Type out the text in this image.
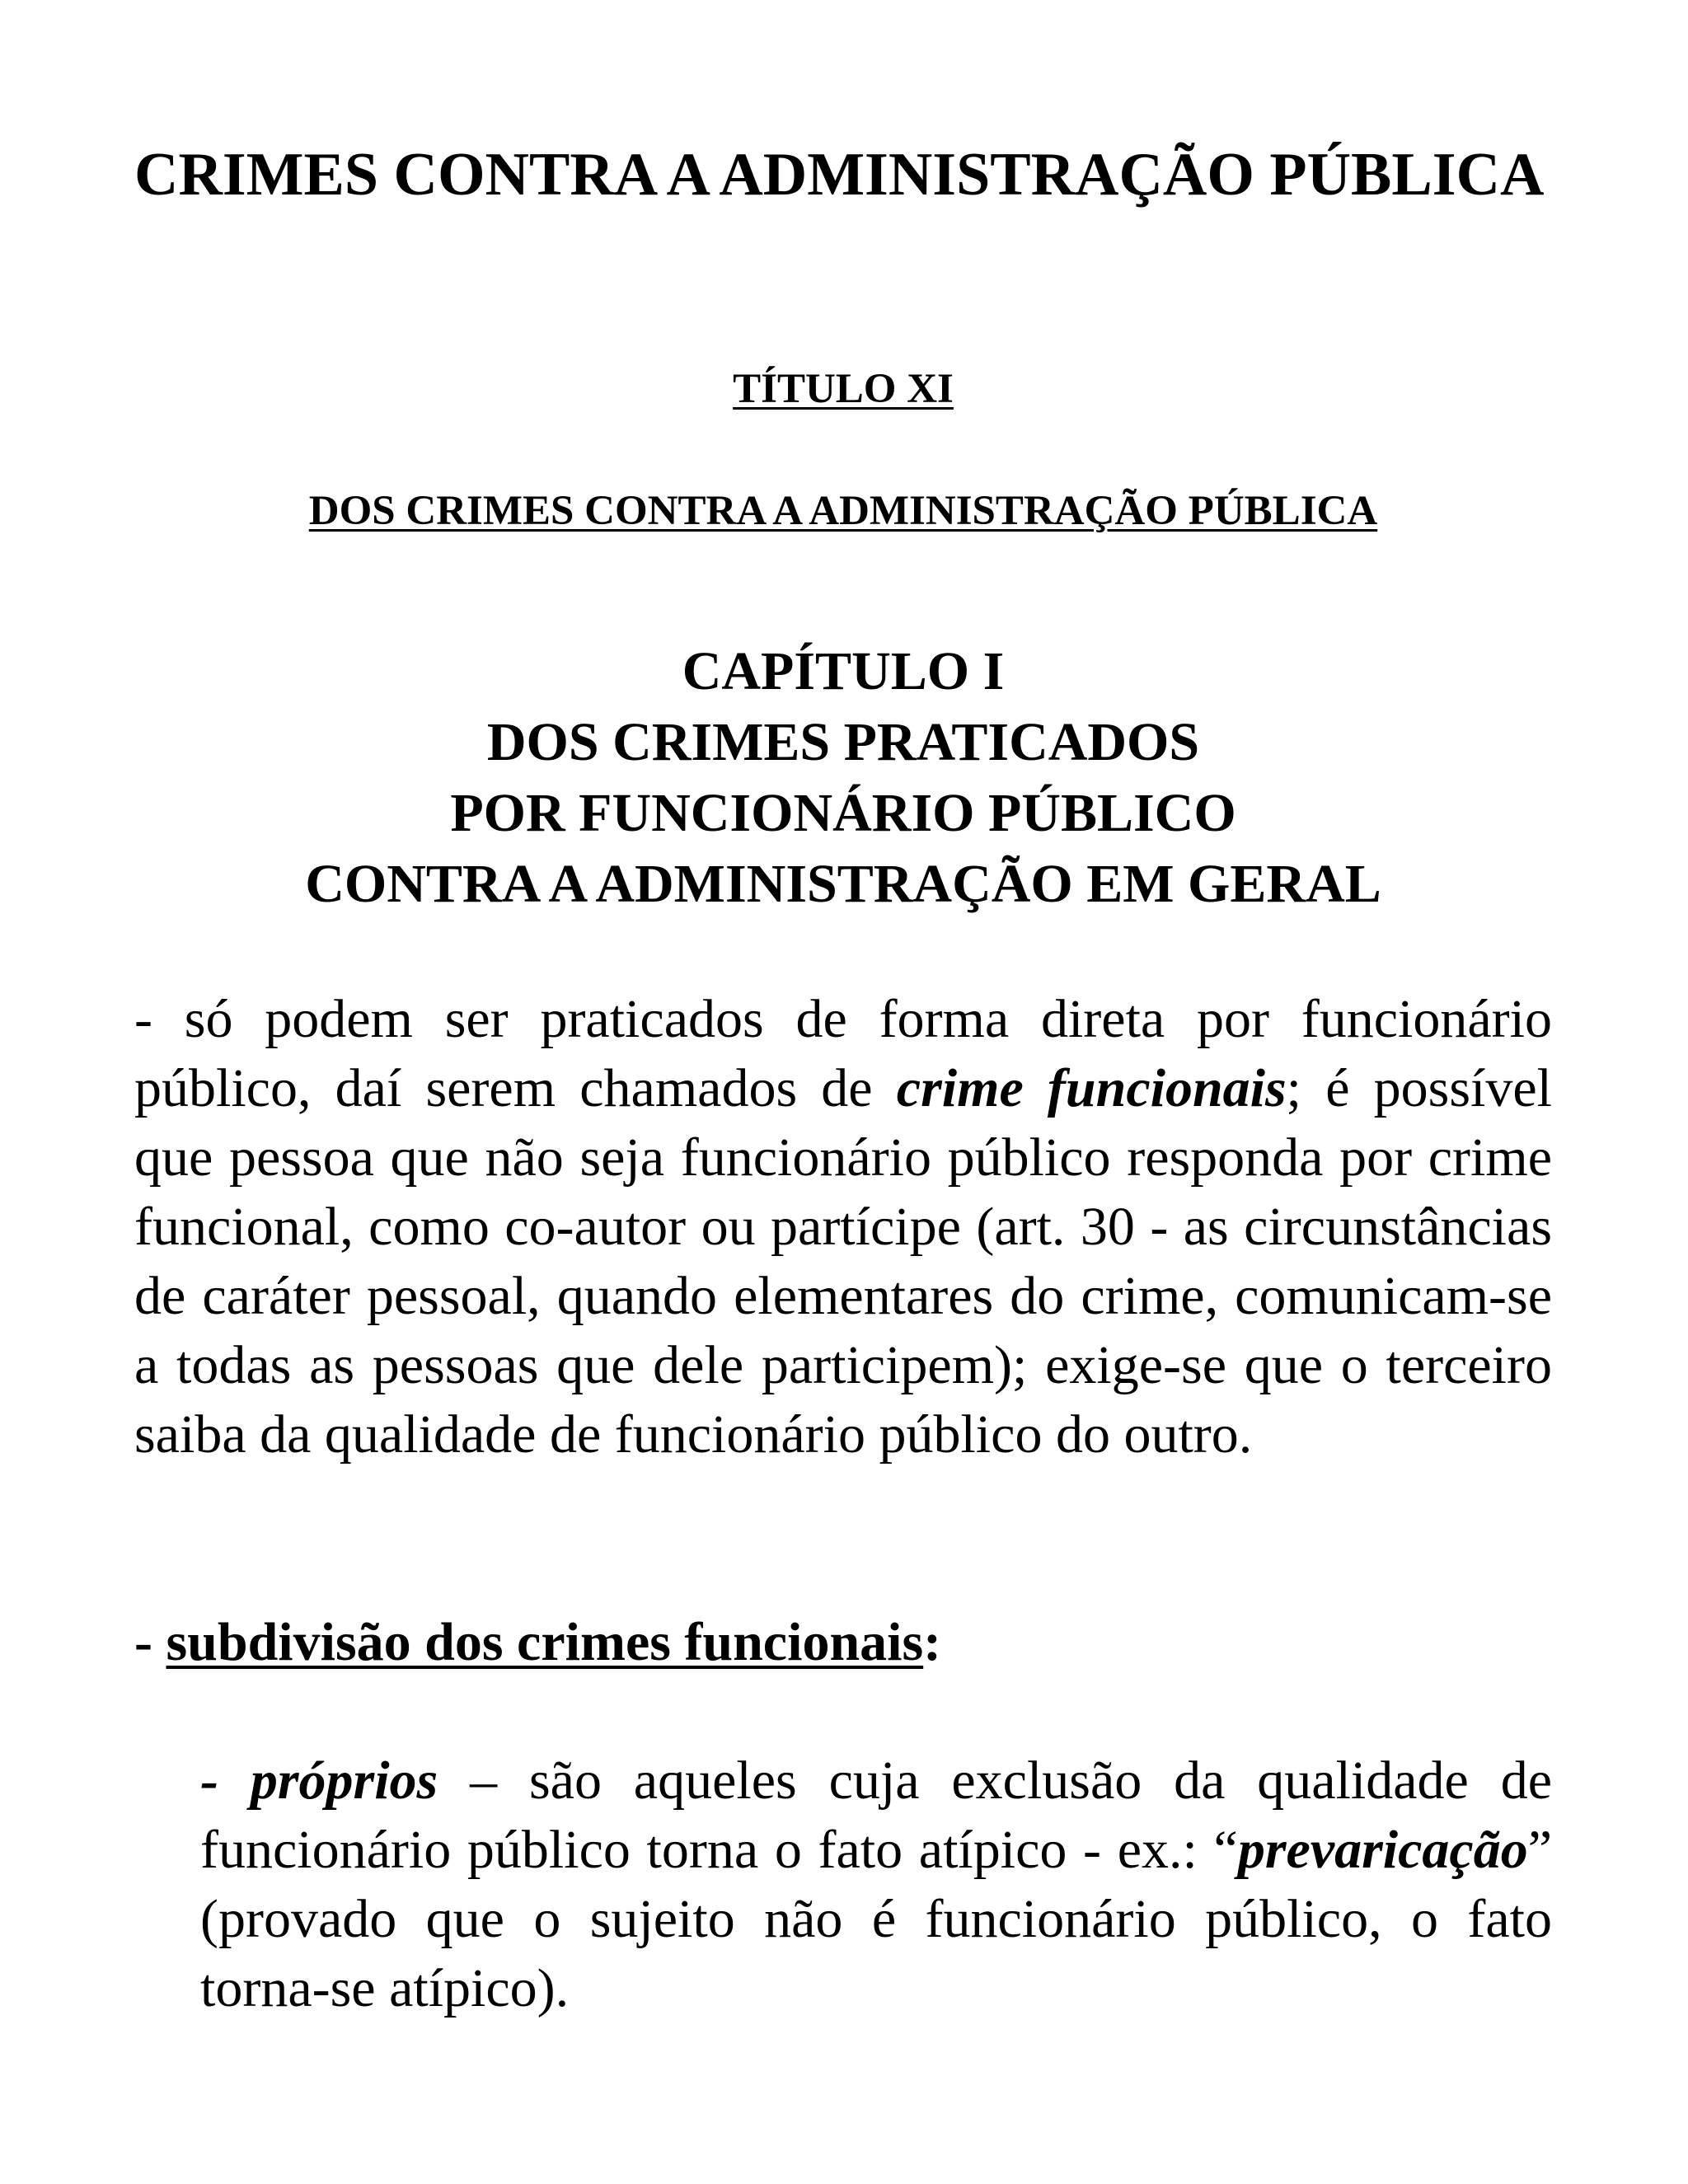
CRIMES CONTRA A ADMINISTRAÇÃO PÚBLICA

TÍTULO XI

DOS CRIMES CONTRA A ADMINISTRAÇÃO PÚBLICA

CAPÍTULO I
DOS CRIMES PRATICADOS
POR FUNCIONÁRIO PÚBLICO
CONTRA A ADMINISTRAÇÃO EM GERAL

- só podem ser praticados de forma direta por funcionário público, daí serem chamados de crime funcionais; é possível que pessoa que não seja funcionário público responda por crime funcional, como co-autor ou partícipe (art. 30 - as circunstâncias de caráter pessoal, quando elementares do crime, comunicam-se a todas as pessoas que dele participem); exige-se que o terceiro saiba da qualidade de funcionário público do outro.

- subdivisão dos crimes funcionais:

- próprios – são aqueles cuja exclusão da qualidade de funcionário público torna o fato atípico - ex.: “prevaricação” (provado que o sujeito não é funcionário público, o fato torna-se atípico).
